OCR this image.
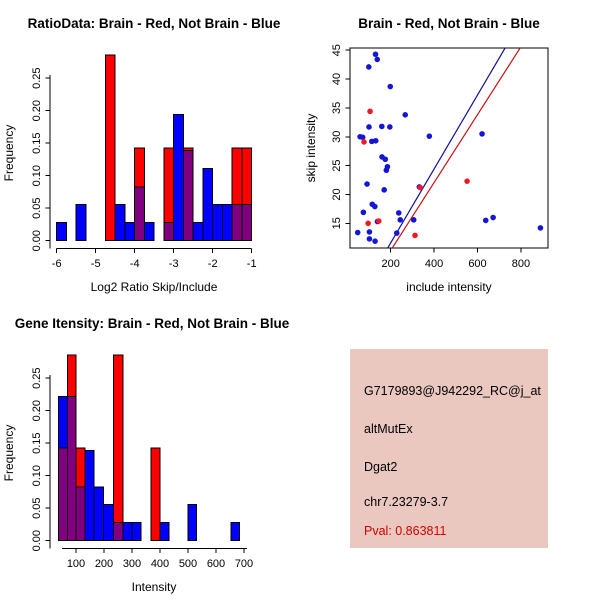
RatioData: Brain - Red, Not Brain - Blue
Log2 Ratio Skip/Include
Frequency
-6	-5	-4	-3	-2	-1
0.00
0.05
0.10
0.15
0.20
0.25
Brain - Red, Not Brain - Blue
include intensity
skip intensity
200 400 600 800
15
20
25
30
35
40
45
Gene Itensity: Brain - Red, Not Brain - Blue
Intensity
Frequency
100 200 300 400 500 600 700
0.00
0.05
0.10
0.15
0.20
0.25
G7179893@J942292_RC@j_at
altMutEx
Dgat2
chr7.23279-3.7
Pval: 0.863811
